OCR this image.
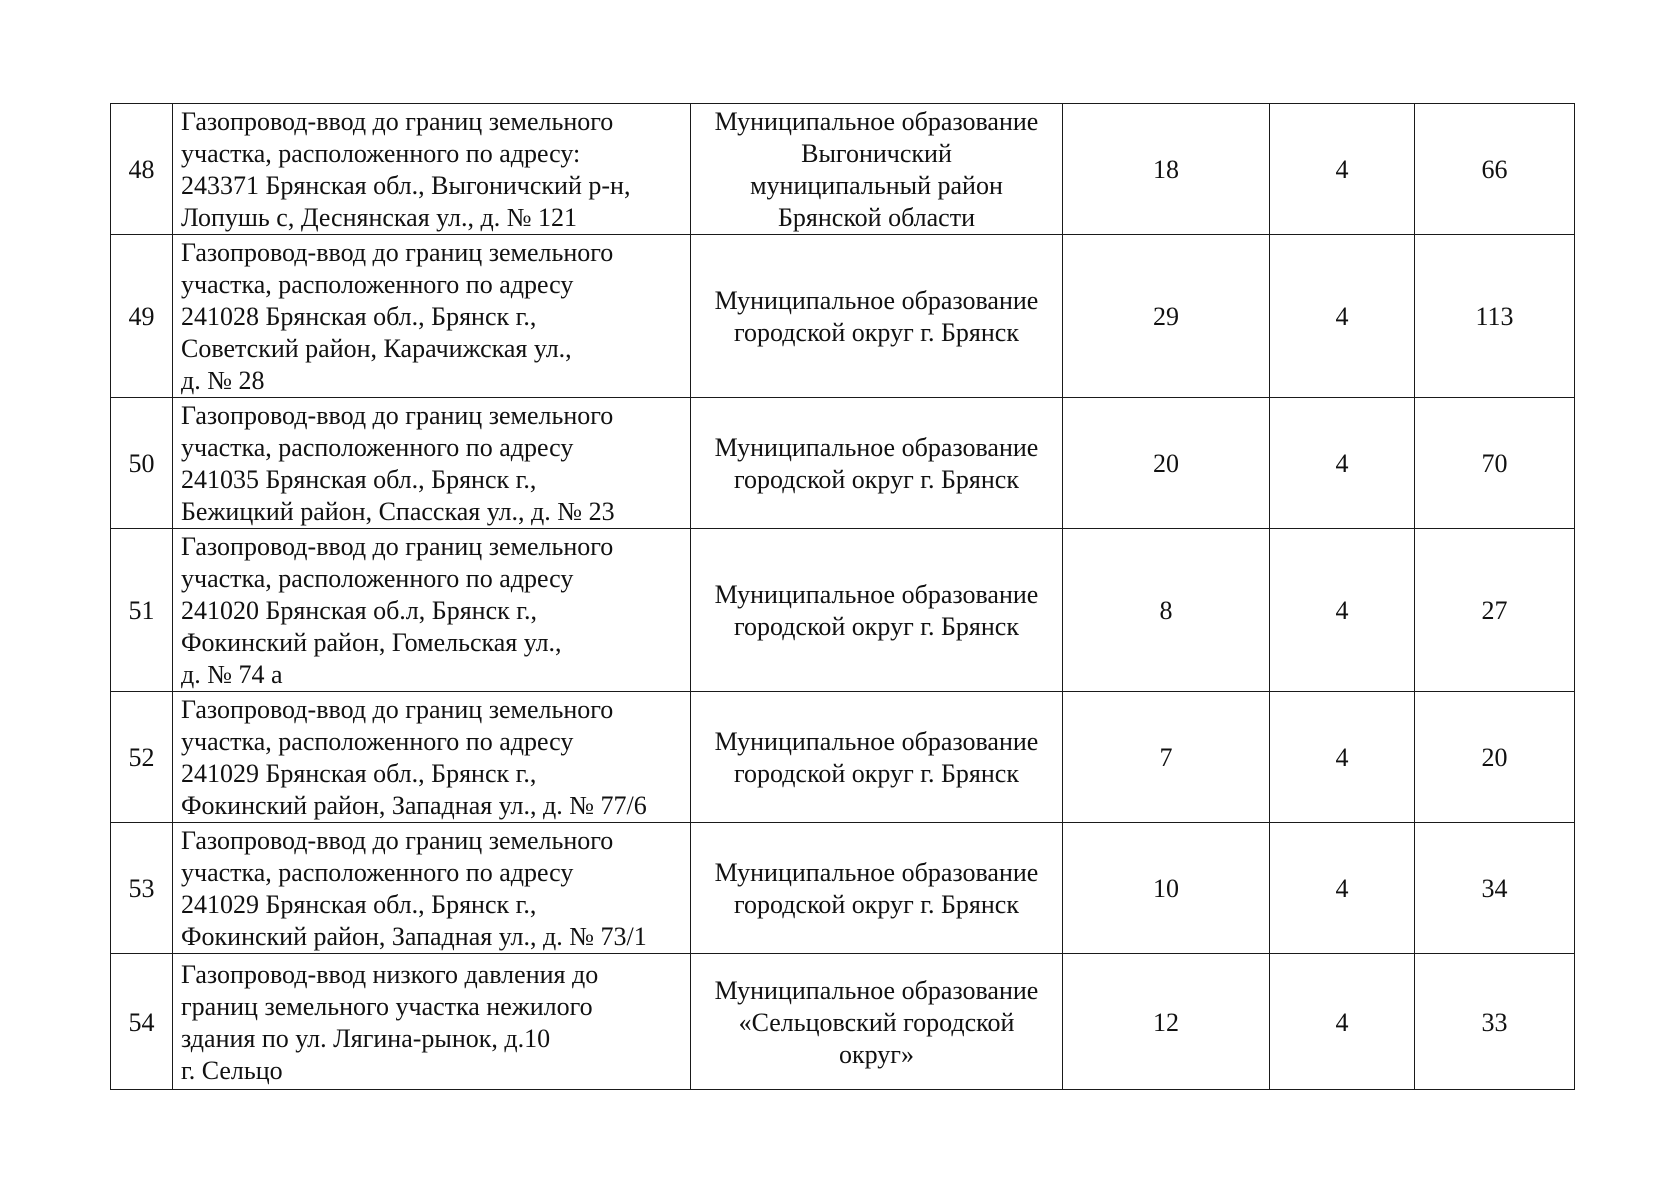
48	Газопровод-ввод до границ земельного
участка, расположенного по адресу:
243371 Брянская обл., Выгоничский р-н,
Лопушь с, Деснянская ул., д. № 121	Муниципальное образование
Выгоничский
муниципальный район
Брянской области	18	4	66
49	Газопровод-ввод до границ земельного
участка, расположенного по адресу
241028 Брянская обл., Брянск г.,
Советский район, Карачижская ул.,
д. № 28	Муниципальное образование
городской округ г. Брянск	29	4	113
50	Газопровод-ввод до границ земельного
участка, расположенного по адресу
241035 Брянская обл., Брянск г.,
Бежицкий район, Спасская ул., д. № 23	Муниципальное образование
городской округ г. Брянск	20	4	70
51	Газопровод-ввод до границ земельного
участка, расположенного по адресу
241020 Брянская об.л, Брянск г.,
Фокинский район, Гомельская ул.,
д. № 74 а	Муниципальное образование
городской округ г. Брянск	8	4	27
52	Газопровод-ввод до границ земельного
участка, расположенного по адресу
241029 Брянская обл., Брянск г.,
Фокинский район, Западная ул., д. № 77/6	Муниципальное образование
городской округ г. Брянск	7	4	20
53	Газопровод-ввод до границ земельного
участка, расположенного по адресу
241029 Брянская обл., Брянск г.,
Фокинский район, Западная ул., д. № 73/1	Муниципальное образование
городской округ г. Брянск	10	4	34
54	Газопровод-ввод низкого давления до
границ земельного участка нежилого
здания по ул. Лягина-рынок, д.10
г. Сельцо	Муниципальное образование
«Сельцовский городской
округ»	12	4	33
